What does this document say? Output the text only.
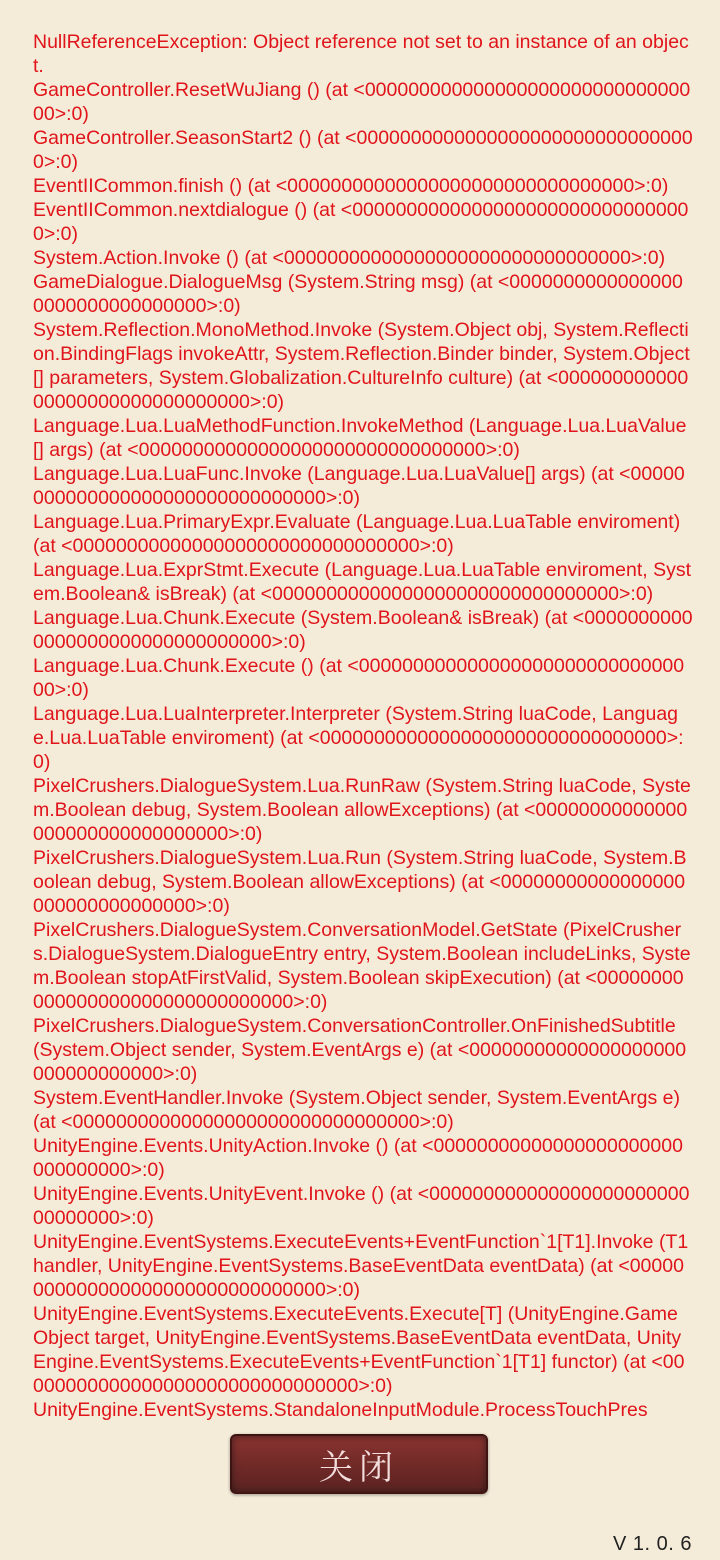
NullReferenceException: Object reference not set to an instance of an object.
GameController.ResetWuJiang () (at <00000000000000000000000000000000>:0)
GameController.SeasonStart2 () (at <00000000000000000000000000000000>:0)
EventIICommon.finish () (at <00000000000000000000000000000000>:0)
EventIICommon.nextdialogue () (at <00000000000000000000000000000000>:0)
System.Action.Invoke () (at <00000000000000000000000000000000>:0)
GameDialogue.DialogueMsg (System.String msg) (at <00000000000000000000000000000000>:0)
System.Reflection.MonoMethod.Invoke (System.Object obj, System.Reflection.BindingFlags invokeAttr, System.Reflection.Binder binder, System.Object[] parameters, System.Globalization.CultureInfo culture) (at <00000000000000000000000000000000>:0)
Language.Lua.LuaMethodFunction.InvokeMethod (Language.Lua.LuaValue[] args) (at <00000000000000000000000000000000>:0)
Language.Lua.LuaFunc.Invoke (Language.Lua.LuaValue[] args) (at <00000000000000000000000000000000>:0)
Language.Lua.PrimaryExpr.Evaluate (Language.Lua.LuaTable enviroment) (at <00000000000000000000000000000000>:0)
Language.Lua.ExprStmt.Execute (Language.Lua.LuaTable enviroment, System.Boolean& isBreak) (at <00000000000000000000000000000000>:0)
Language.Lua.Chunk.Execute (System.Boolean& isBreak) (at <00000000000000000000000000000000>:0)
Language.Lua.Chunk.Execute () (at <00000000000000000000000000000000>:0)
Language.Lua.LuaInterpreter.Interpreter (System.String luaCode, Language.Lua.LuaTable enviroment) (at <00000000000000000000000000000000>:0)
PixelCrushers.DialogueSystem.Lua.RunRaw (System.String luaCode, System.Boolean debug, System.Boolean allowExceptions) (at <00000000000000000000000000000000>:0)
PixelCrushers.DialogueSystem.Lua.Run (System.String luaCode, System.Boolean debug, System.Boolean allowExceptions) (at <00000000000000000000000000000000>:0)
PixelCrushers.DialogueSystem.ConversationModel.GetState (PixelCrushers.DialogueSystem.DialogueEntry entry, System.Boolean includeLinks, System.Boolean stopAtFirstValid, System.Boolean skipExecution) (at <00000000000000000000000000000000>:0)
PixelCrushers.DialogueSystem.ConversationController.OnFinishedSubtitle (System.Object sender, System.EventArgs e) (at <00000000000000000000000000000000>:0)
System.EventHandler.Invoke (System.Object sender, System.EventArgs e) (at <00000000000000000000000000000000>:0)
UnityEngine.Events.UnityAction.Invoke () (at <00000000000000000000000000000000>:0)
UnityEngine.Events.UnityEvent.Invoke () (at <00000000000000000000000000000000>:0)
UnityEngine.EventSystems.ExecuteEvents+EventFunction`1[T1].Invoke (T1 handler, UnityEngine.EventSystems.BaseEventData eventData) (at <00000000000000000000000000000000>:0)
UnityEngine.EventSystems.ExecuteEvents.Execute[T] (UnityEngine.GameObject target, UnityEngine.EventSystems.BaseEventData eventData, UnityEngine.EventSystems.ExecuteEvents+EventFunction`1[T1] functor) (at <00000000000000000000000000000000>:0)
UnityEngine.EventSystems.StandaloneInputModule.ProcessTouchPres
关闭
V 1. 0. 6
